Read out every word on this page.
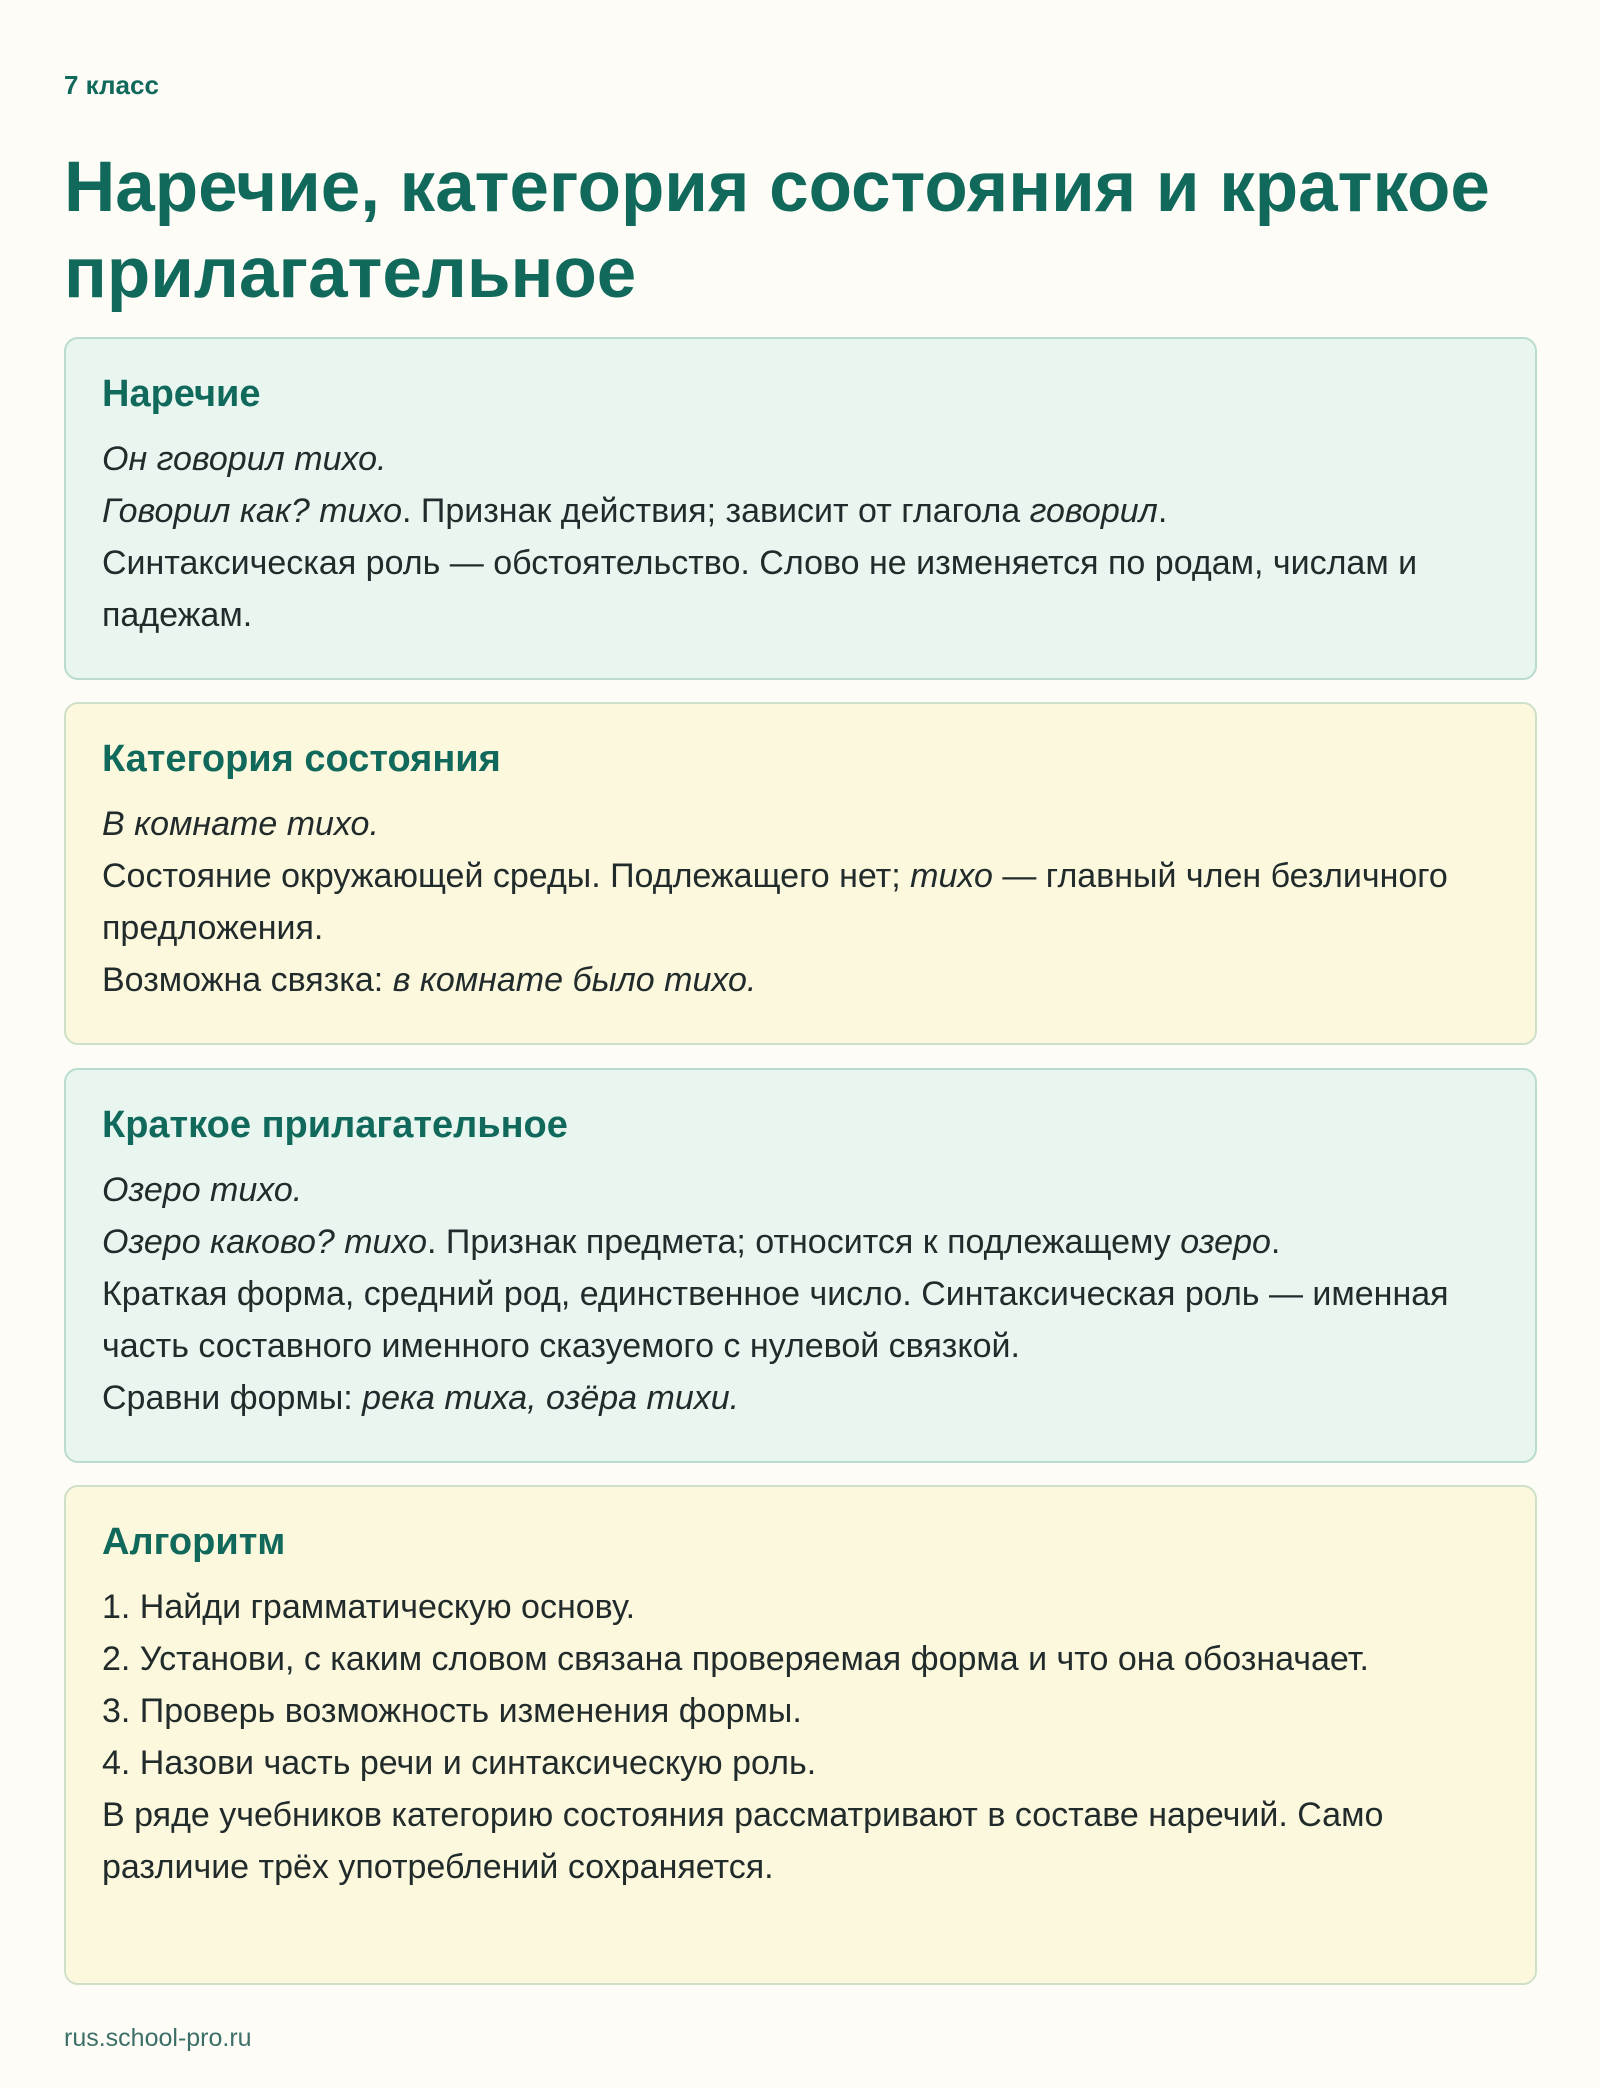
7 класс
Наречие, категория состояния и краткое прилагательное
Наречие

Он говорил тихо.

Говорил как? тихо. Признак действия; зависит от глагола говорил.

Синтаксическая роль — обстоятельство. Слово не изменяется по родам, числам и падежам.

Категория состояния

В комнате тихо.

Состояние окружающей среды. Подлежащего нет; тихо — главный член безличного предложения.

Возможна связка: в комнате было тихо.

Краткое прилагательное

Озеро тихо.

Озеро каково? тихо. Признак предмета; относится к подлежащему озеро.

Краткая форма, средний род, единственное число. Синтаксическая роль — именная часть составного именного сказуемого с нулевой связкой.

Сравни формы: река тиха, озёра тихи.

Алгоритм

1. Найди грамматическую основу.

2. Установи, с каким словом связана проверяемая форма и что она обозначает.

3. Проверь возможность изменения формы.

4. Назови часть речи и синтаксическую роль.

В ряде учебников категорию состояния рассматривают в составе наречий. Само различие трёх употреблений сохраняется.

rus.school-pro.ru
